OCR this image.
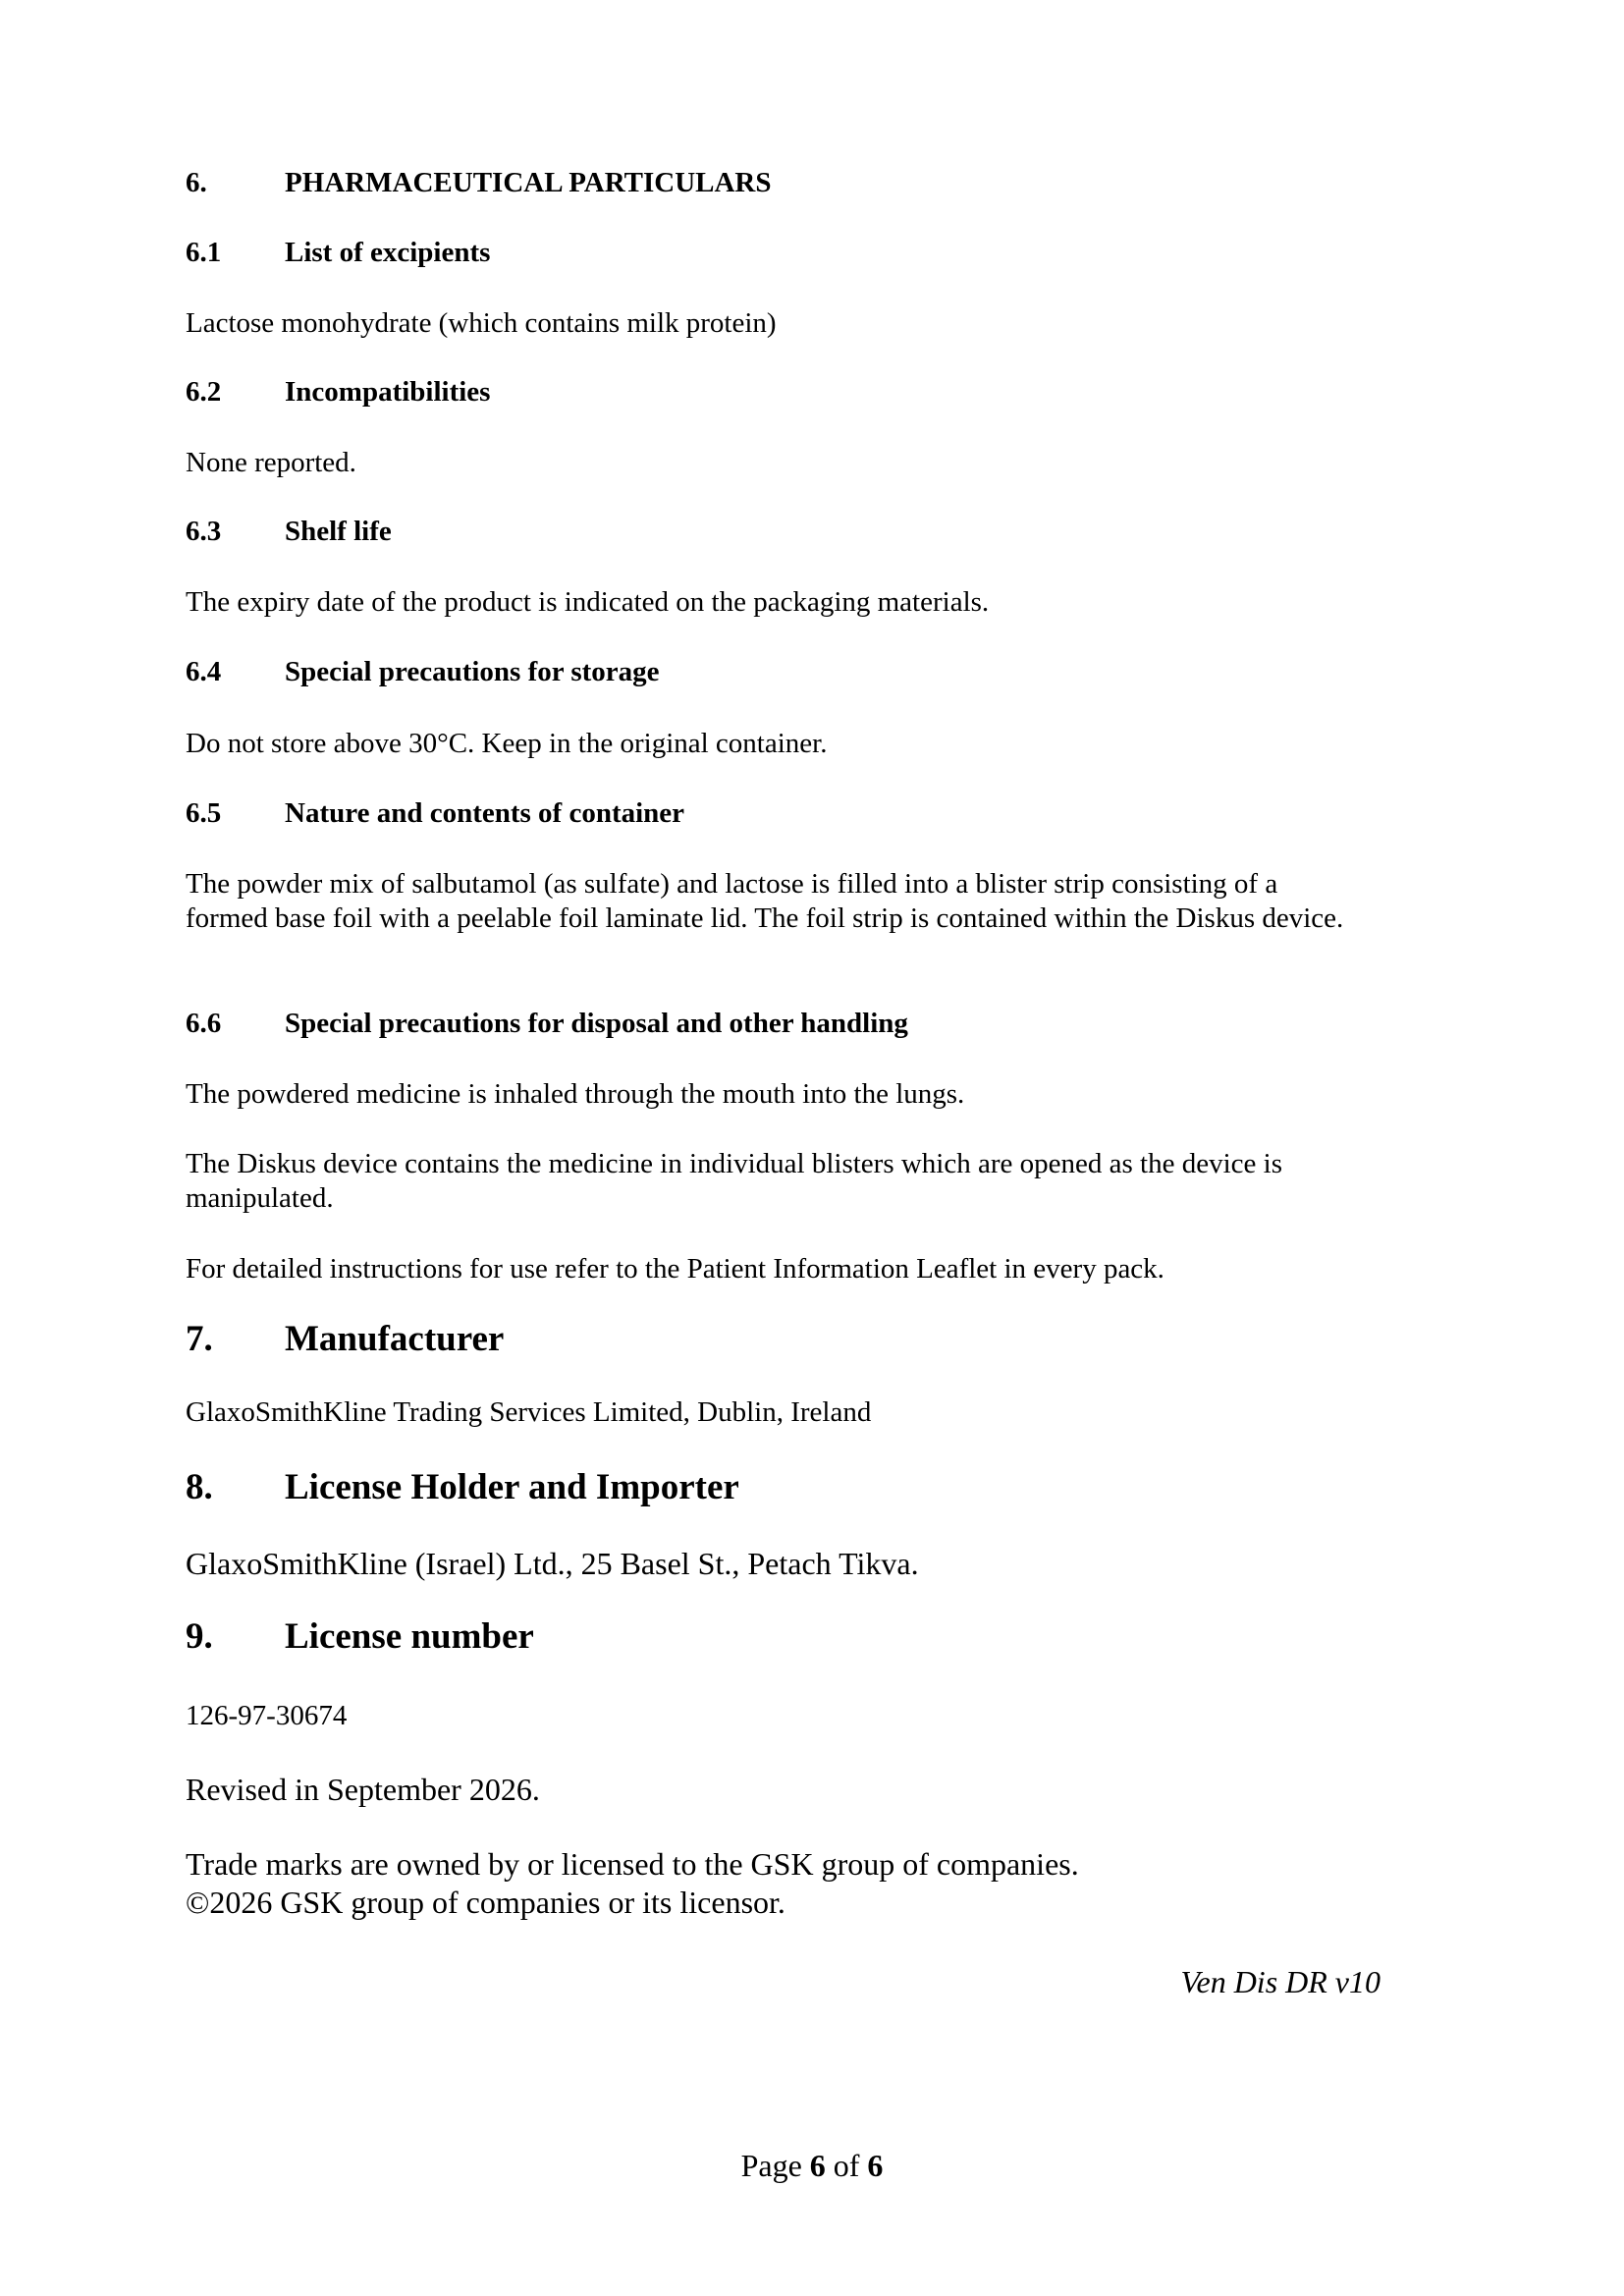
6.	PHARMACEUTICAL PARTICULARS
6.1 List of excipients
Lactose monohydrate (which contains milk protein)
6.2 Incompatibilities
None reported.
6.3 Shelf life
The expiry date of the product is indicated on the packaging materials.
6.4 Special precautions for storage
Do not store above 30°C. Keep in the original container.
6.5 Nature and contents of container
The powder mix of salbutamol (as sulfate) and lactose is filled into a blister strip consisting of a formed base foil with a peelable foil laminate lid. The foil strip is contained within the Diskus device.
6.6 Special precautions for disposal and other handling
The powdered medicine is inhaled through the mouth into the lungs.
The Diskus device contains the medicine in individual blisters which are opened as the device is manipulated.
For detailed instructions for use refer to the Patient Information Leaflet in every pack.
7. Manufacturer
GlaxoSmithKline Trading Services Limited, Dublin, Ireland
8. License Holder and Importer
GlaxoSmithKline (Israel) Ltd., 25 Basel St., Petach Tikva.
9. License number
126-97-30674
Revised in September 2026.
Trade marks are owned by or licensed to the GSK group of companies.
©2026 GSK group of companies or its licensor.
Ven Dis DR v10
Page 6 of 6
